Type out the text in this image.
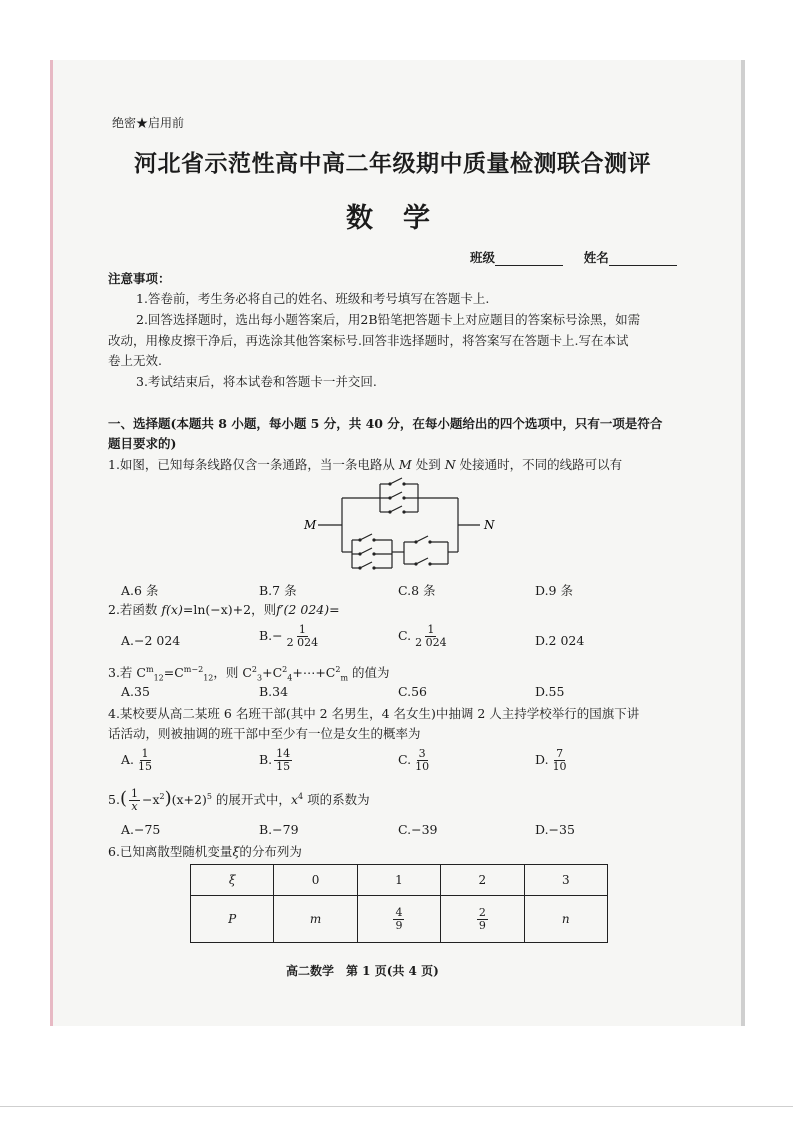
绝密★启用前
河北省示范性高中高二年级期中质量检测联合测评
数学
班级	姓名
注意事项：
1.答卷前，考生务必将自己的姓名、班级和考号填写在答题卡上.
2.回答选择题时，选出每小题答案后，用2B铅笔把答题卡上对应题目的答案标号涂黑，如需
改动，用橡皮擦干净后，再选涂其他答案标号.回答非选择题时，将答案写在答题卡上.写在本试
卷上无效.
3.考试结束后，将本试卷和答题卡一并交回.
一、选择题(本题共 8 小题，每小题 5 分，共 40 分，在每小题给出的四个选项中，只有一项是符合
题目要求的)
1.如图，已知每条线路仅含一条通路，当一条电路从 M 处到 N 处接通时，不同的线路可以有
M	N
A.6 条	B.7 条	C.8 条	D.9 条
2.若函数 f(x)=ln(−x)+2，则f′(2 024)=
A.−2 024	$B.- \frac{1}{2 024}$	C. $\frac{1}{2 024}$	D.2 024
3.若 $C^m_{12}=C^{m-2}_{12}$，则 $C^2_3+C^2_4+\cdots+C^2_m$ 的值为
A.35	B.34	C.56	D.55
4.某校要从高二某班 6 名班干部(其中 2 名男生，4 名女生)中抽调 2 人主持学校举行的国旗下讲
话活动，则被抽调的班干部中至少有一位是女生的概率为
A. $\frac{1}{15}$	B. $\frac{14}{15}$	C. $\frac{3}{10}$	D. $\frac{7}{10}$
$5.( \frac{1}{x} -x^2)(x+2)^5$ 的展开式中，$x^4$ 项的系数为
A.−75	B.−79	C.−39	D.−35
6.已知离散型随机变量ξ的分布列为
ξ	0	1	2	3
P	m	$\frac{4}{9}$	$\frac{2}{9}$	n
高二数学　第 1 页(共 4 页)
